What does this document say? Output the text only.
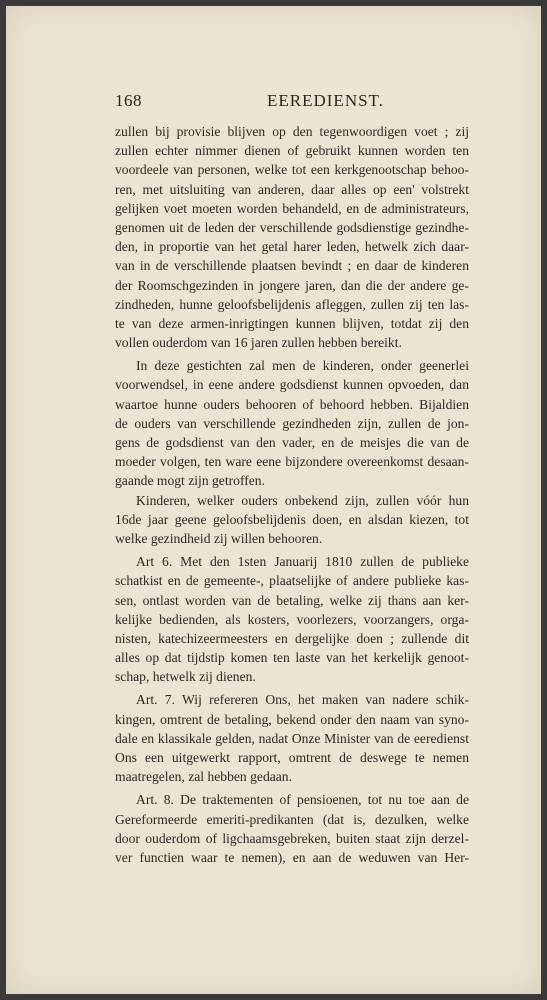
168	EEREDIENST.
zullen bij provisie blijven op den tegenwoordigen voet ; zij
zullen echter nimmer dienen of gebruikt kunnen worden ten
voordeele van personen, welke tot een kerkgenootschap behoo-
ren, met uitsluiting van anderen, daar alles op een' volstrekt
gelijken voet moeten worden behandeld, en de administrateurs,
genomen uit de leden der verschillende godsdienstige gezindhe-
den, in proportie van het getal harer leden, hetwelk zich daar-
van in de verschillende plaatsen bevindt ; en daar de kinderen
der Roomschgezinden in jongere jaren, dan die der andere ge-
zindheden, hunne geloofsbelijdenis afleggen, zullen zij ten las-
te van deze armen-inrigtingen kunnen blijven, totdat zij den
vollen ouderdom van 16 jaren zullen hebben bereikt.
In deze gestichten zal men de kinderen, onder geenerlei
voorwendsel, in eene andere godsdienst kunnen opvoeden, dan
waartoe hunne ouders behooren of behoord hebben. Bijaldien
de ouders van verschillende gezindheden zijn, zullen de jon-
gens de godsdienst van den vader, en de meisjes die van de
moeder volgen, ten ware eene bijzondere overeenkomst desaan-
gaande mogt zijn getroffen.
Kinderen, welker ouders onbekend zijn, zullen vóór hun
16de jaar geene geloofsbelijdenis doen, en alsdan kiezen, tot
welke gezindheid zij willen behooren.
Art 6. Met den 1sten Januarij 1810 zullen de publieke
schatkist en de gemeente-, plaatselijke of andere publieke kas-
sen, ontlast worden van de betaling, welke zij thans aan ker-
kelijke bedienden, als kosters, voorlezers, voorzangers, orga-
nisten, katechizeermeesters en dergelijke doen ; zullende dit
alles op dat tijdstip komen ten laste van het kerkelijk genoot-
schap, hetwelk zij dienen.
Art. 7. Wij refereren Ons, het maken van nadere schik-
kingen, omtrent de betaling, bekend onder den naam van syno-
dale en klassikale gelden, nadat Onze Minister van de eeredienst
Ons een uitgewerkt rapport, omtrent de deswege te nemen
maatregelen, zal hebben gedaan.
Art. 8. De traktementen of pensioenen, tot nu toe aan de
Gereformeerde emeriti-predikanten (dat is, dezulken, welke
door ouderdom of ligchaamsgebreken, buiten staat zijn derzel-
ver functien waar te nemen), en aan de weduwen van Her-
